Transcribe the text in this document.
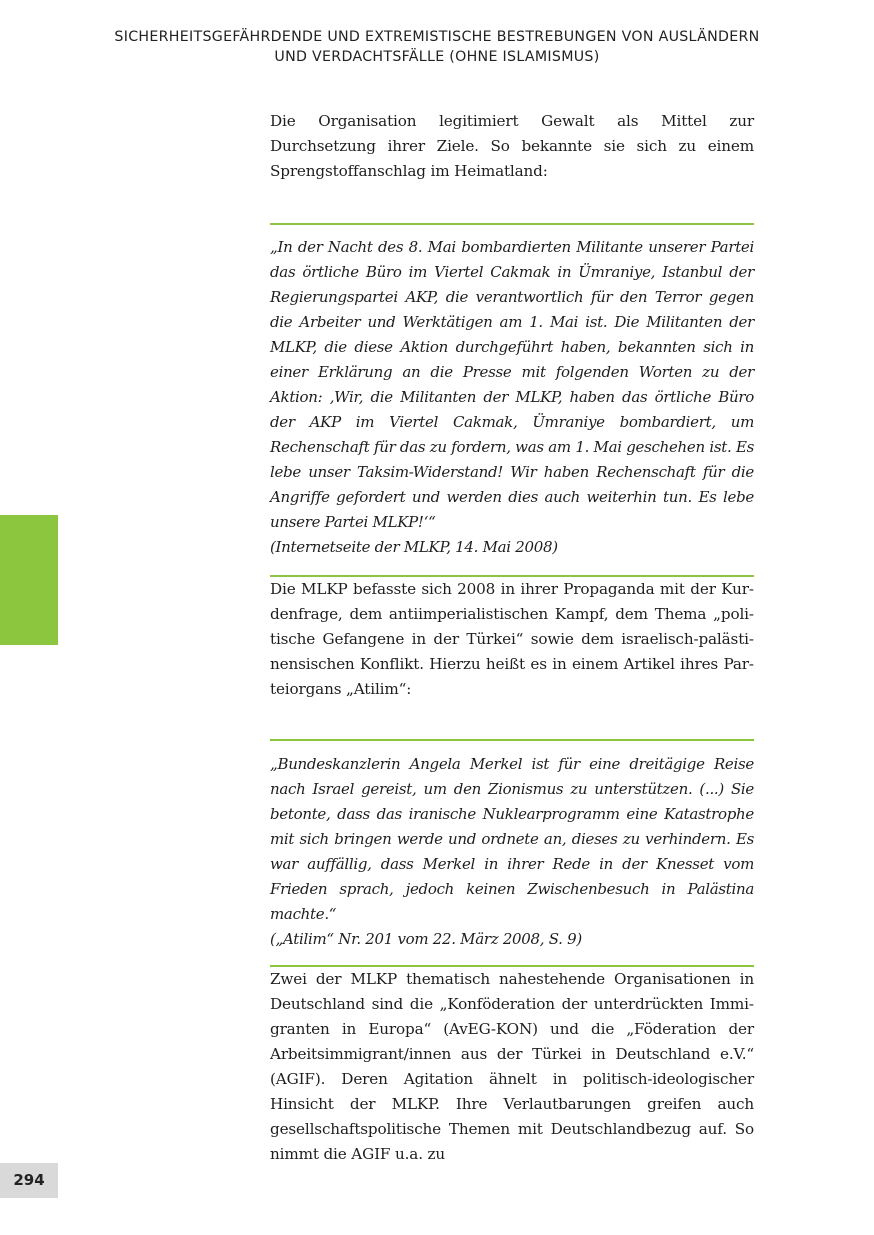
SICHERHEITSGEFÄHRDENDE UND EXTREMISTISCHE BESTREBUNGEN VON AUSLÄNDERN
UND VERDACHTSFÄLLE (OHNE ISLAMISMUS)
294

Die Organisation legitimiert Gewalt als Mittel zur Durchsetzung ihrer Ziele. So bekannte sie sich zu einem Sprengstoffanschlag im Heimatland:

„In der Nacht des 8. Mai bombardierten Militante unserer Partei das örtliche Büro im Viertel Cakmak in Ümraniye, Istanbul der Regierungspartei AKP, die verantwortlich für den Terror gegen die Arbeiter und Werktätigen am 1. Mai ist. Die Militanten der MLKP, die diese Aktion durchgeführt haben, bekannten sich in einer Erklärung an die Presse mit folgenden Worten zu der Aktion: ‚Wir, die Militanten der MLKP, haben das örtliche Büro der AKP im Viertel Cakmak, Ümraniye bombardiert, um Rechenschaft für das zu fordern, was am 1. Mai geschehen ist. Es lebe unser Taksim-Widerstand! Wir haben Rechenschaft für die Angriffe gefordert und werden dies auch weiterhin tun. Es lebe unsere Partei MLKP!‘“

(Internetseite der MLKP, 14. Mai 2008)

Die MLKP befasste sich 2008 in ihrer Propaganda mit der Kurdenfrage, dem antiimperialistischen Kampf, dem Thema „politische Gefangene in der Türkei“ sowie dem israelisch-palästinensischen Konflikt. Hierzu heißt es in einem Artikel ihres Parteiorgans „Atilim“:

„Bundeskanzlerin Angela Merkel ist für eine dreitägige Reise nach Israel gereist, um den Zionismus zu unterstützen. (...) Sie betonte, dass das iranische Nuklearprogramm eine Katastrophe mit sich bringen werde und ordnete an, dieses zu verhindern. Es war auffällig, dass Merkel in ihrer Rede in der Knesset vom Frieden sprach, jedoch keinen Zwischenbesuch in Palästina machte.“

(„Atilim“ Nr. 201 vom 22. März 2008, S. 9)

Zwei der MLKP thematisch nahestehende Organisationen in Deutschland sind die „Konföderation der unterdrückten Immigranten in Europa“ (AvEG-KON) und die „Föderation der Arbeitsimmigrant/innen aus der Türkei in Deutschland e.V.“ (AGIF). Deren Agitation ähnelt in politisch-ideologischer Hinsicht der MLKP. Ihre Verlautbarungen greifen auch gesellschaftspolitische Themen mit Deutschlandbezug auf. So nimmt die AGIF u.a. zu
